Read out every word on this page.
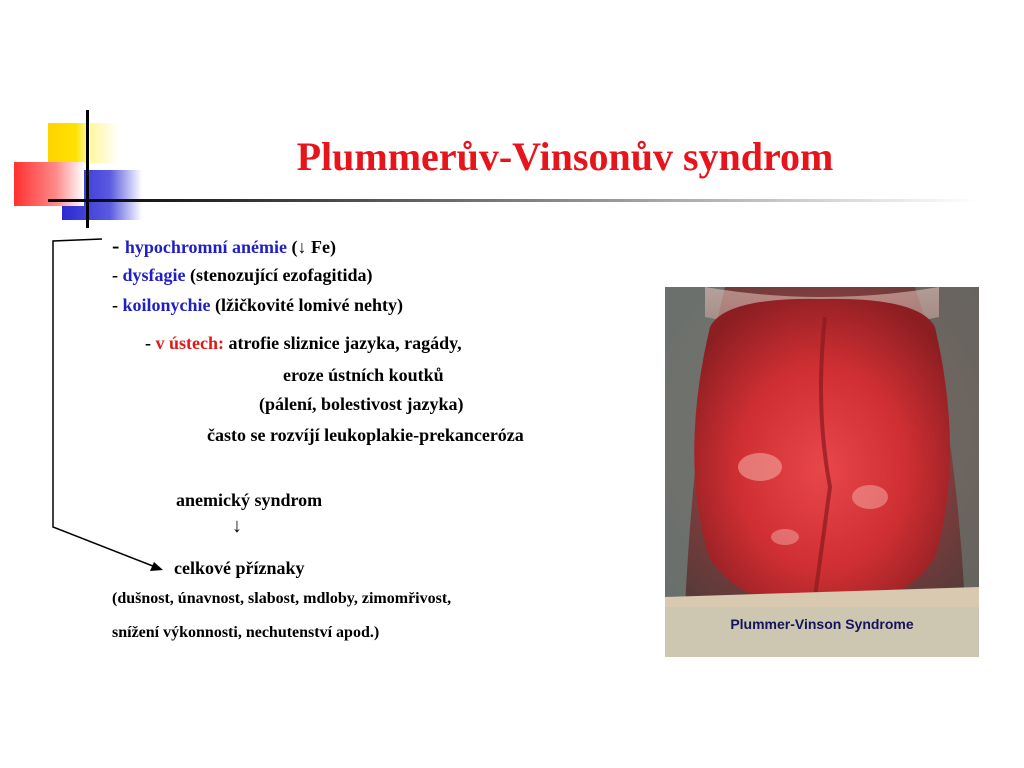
Plummerův-Vinsonův syndrom
- hypochromní anémie (↓ Fe)
- dysfagie (stenozující ezofagitida)
- koilonychie (lžičkovité lomivé nehty)
- v ústech: atrofie sliznice jazyka, ragády,
eroze ústních koutků
(pálení, bolestivost jazyka)
často se rozvíjí leukoplakie-prekanceróza
anemický syndrom
↓
celkové příznaky
(dušnost, únavnost, slabost, mdloby, zimomřivost,
snížení výkonnosti, nechutenství apod.)	Plummer-Vinson Syndrome
